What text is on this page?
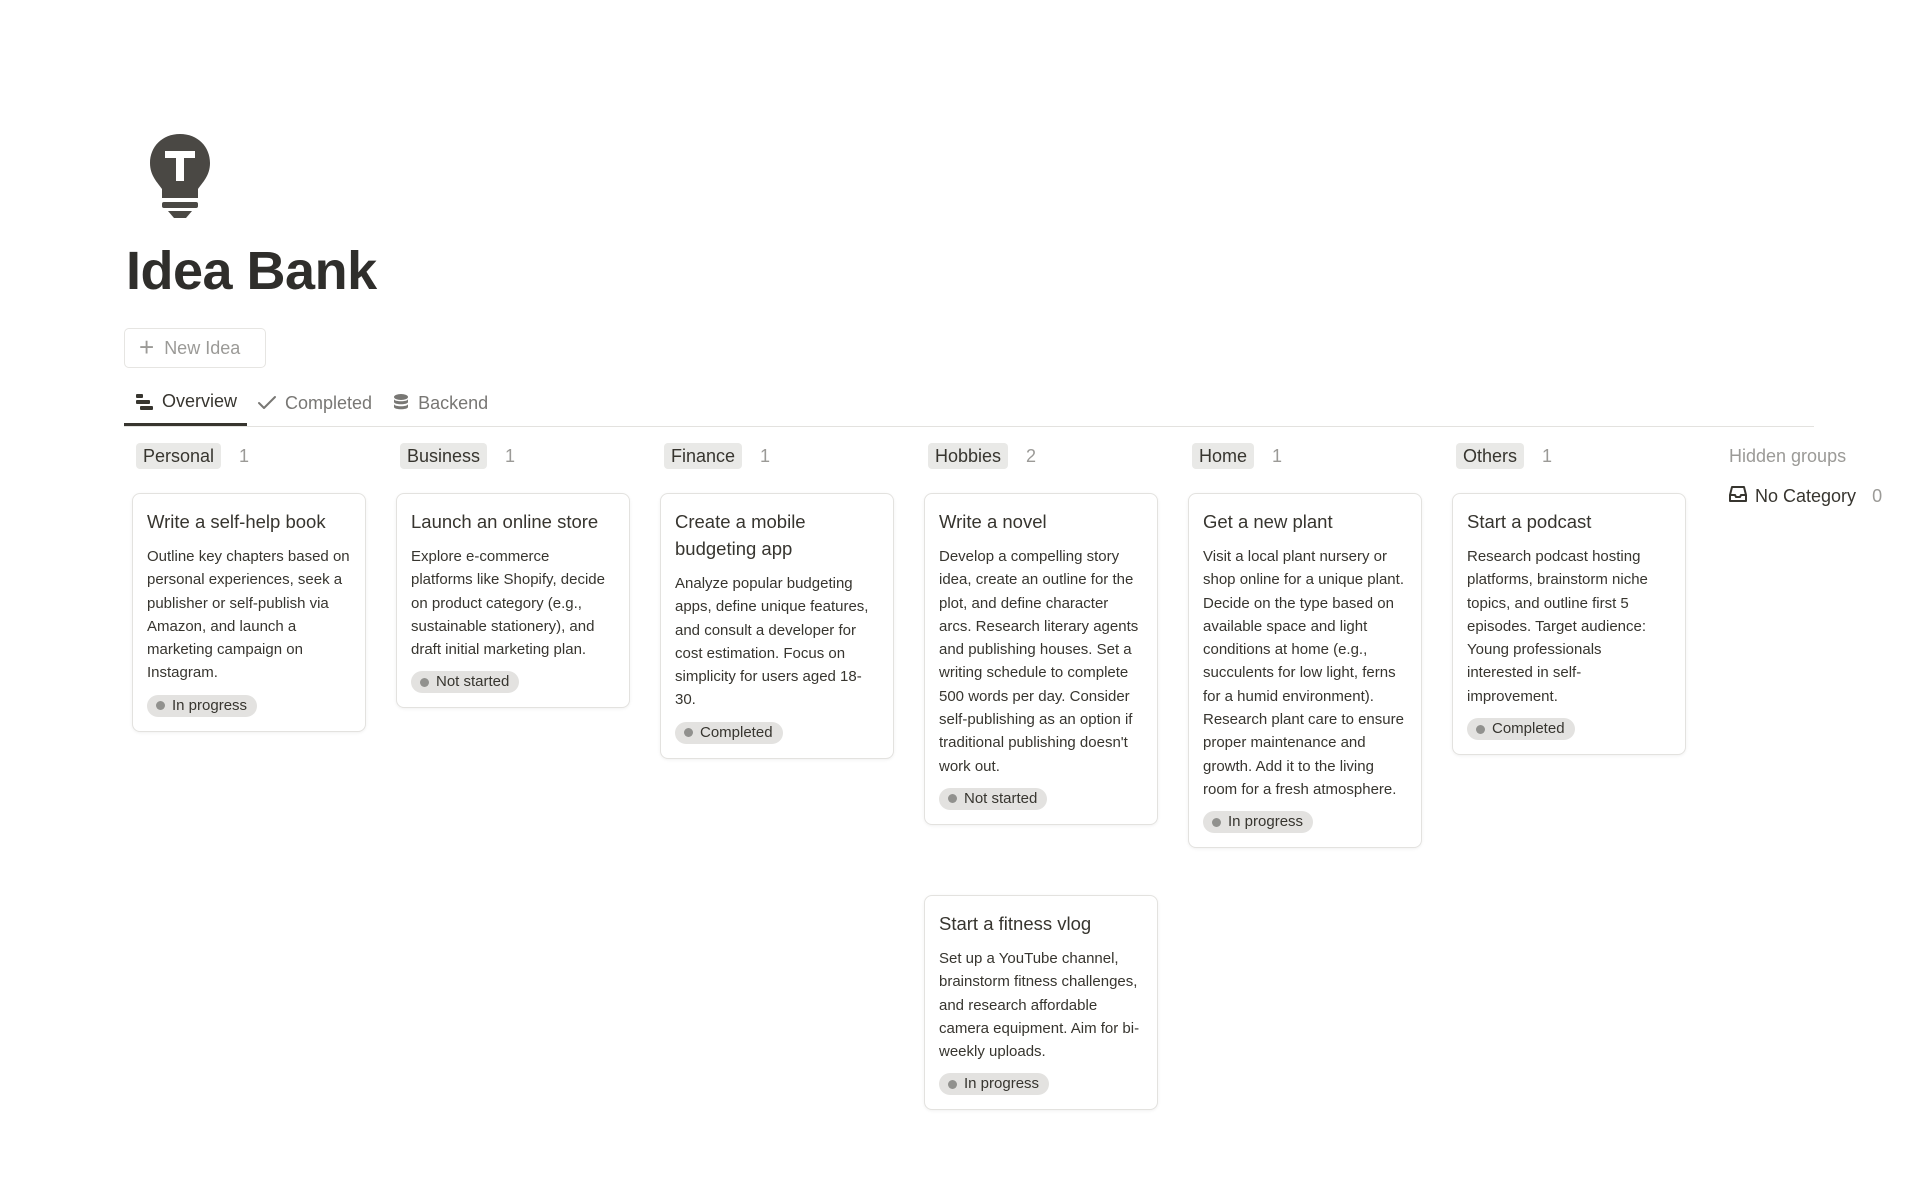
Idea Bank
+ New Idea
Overview	Completed	Backend
Personal	1
Write a self-help book
Outline key chapters based on personal experiences, seek a publisher or self-publish via Amazon, and launch a marketing campaign on Instagram.
In progress
Business	1
Launch an online store
Explore e-commerce platforms like Shopify, decide on product category (e.g., sustainable stationery), and draft initial marketing plan.
Not started
Finance	1
Create a mobile budgeting app
Analyze popular budgeting apps, define unique features, and consult a developer for cost estimation. Focus on simplicity for users aged 18-30.
Completed
Hobbies	2
Write a novel
Develop a compelling story idea, create an outline for the plot, and define character arcs. Research literary agents and publishing houses. Set a writing schedule to complete 500 words per day. Consider self-publishing as an option if traditional publishing doesn't work out.
Not started
Start a fitness vlog
Set up a YouTube channel, brainstorm fitness challenges, and research affordable camera equipment. Aim for bi-weekly uploads.
In progress
Home	1
Get a new plant
Visit a local plant nursery or shop online for a unique plant. Decide on the type based on available space and light conditions at home (e.g., succulents for low light, ferns for a humid environment). Research plant care to ensure proper maintenance and growth. Add it to the living room for a fresh atmosphere.
In progress
Others	1
Start a podcast
Research podcast hosting platforms, brainstorm niche topics, and outline first 5 episodes. Target audience: Young professionals interested in self-improvement.
Completed
Hidden groups
No Category 0
